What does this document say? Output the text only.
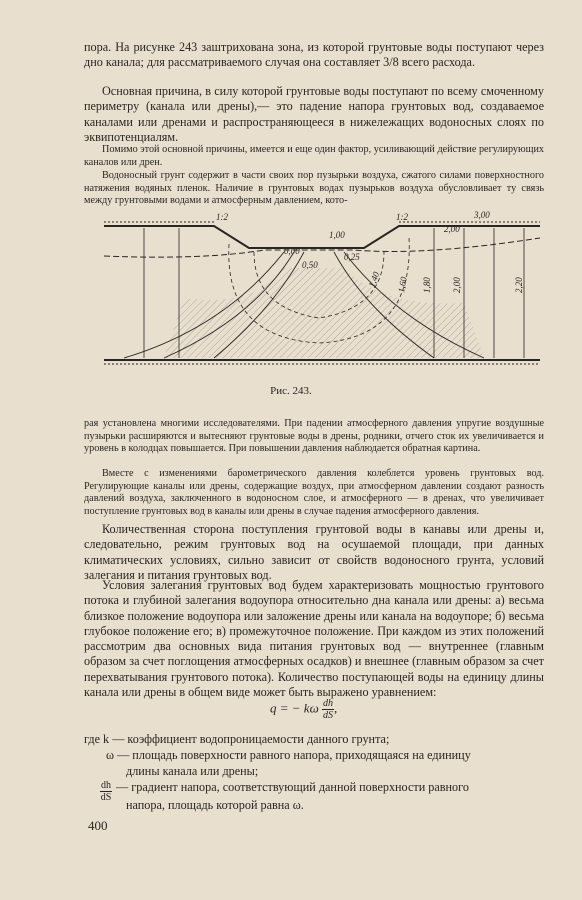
пора. На рисунке 243 заштрихована зона, из которой грунтовые воды поступают через дно канала; для рассматриваемого случая она составляет 3/8 всего расхода.
Основная причина, в силу которой грунтовые воды поступают по всему смоченному периметру (канала или дрены),— это падение напора грунтовых вод, создаваемое каналами или дренами и распространяющееся в нижележащих водоносных слоях по эквипотенциалям.
Помимо этой основной причины, имеется и еще один фактор, усиливающий действие регулирующих каналов или дрен.
Водоносный грунт содержит в части своих пор пузырьки воздуха, сжатого силами поверхностного натяжения водяных пленок. Наличие в грунтовых водах пузырьков воздуха обусловливает ту связь между грунтовыми водами и атмосферным давлением, кото-
1:2	1:2	3,00
2,00
1,00
0,00
0,50
0,25
1,40 1,60 1,80 2,00	2,20
Рис. 243.
рая установлена многими исследователями. При падении атмосферного давления упругие воздушные пузырьки расширяются и вытесняют грунтовые воды в дрены, родники, отчего сток их увеличивается и уровень в колодцах повышается. При повышении давления наблюдается обратная картина.
Вместе с изменениями барометрического давления колеблется уровень грунтовых вод. Регулирующие каналы или дрены, содержащие воздух, при атмосферном давлении создают разность давлений воздуха, заключенного в водоносном слое, и атмосферного — в дренах, что увеличивает поступление грунтовых вод в каналы или дрены в случае падения атмосферного давления.
Количественная сторона поступления грунтовой воды в канавы или дрены и, следовательно, режим грунтовых вод на осушаемой площади, при данных климатических условиях, сильно зависит от свойств водоносного грунта, условий залегания и питания грунтовых вод.
Условия залегания грунтовых вод будем характеризовать мощностью грунтового потока и глубиной залегания водоупора относительно дна канала или дрены: а) весьма близкое положение водоупора или заложение дрены или канала на водоупоре; б) весьма глубокое положение его; в) промежуточное положение. При каждом из этих положений рассмотрим два основных вида питания грунтовых вод — внутреннее (главным образом за счет поглощения атмосферных осадков) и внешнее (главным образом за счет перехватывания грунтового потока). Количество поступающей воды на единицу длины канала или дрены в общем виде может быть выражено уравнением:
q = − kω $\frac{dh}{dS}$ ,
где k — коэффициент водопроницаемости данного грунта;
ω — площадь поверхности равного напора, приходящаяся на единицу
длины канала или дрены;
$\frac{dh}{dS}$ — градиент напора, соответствующий данной поверхности равного
напора, площадь которой равна ω.
400
